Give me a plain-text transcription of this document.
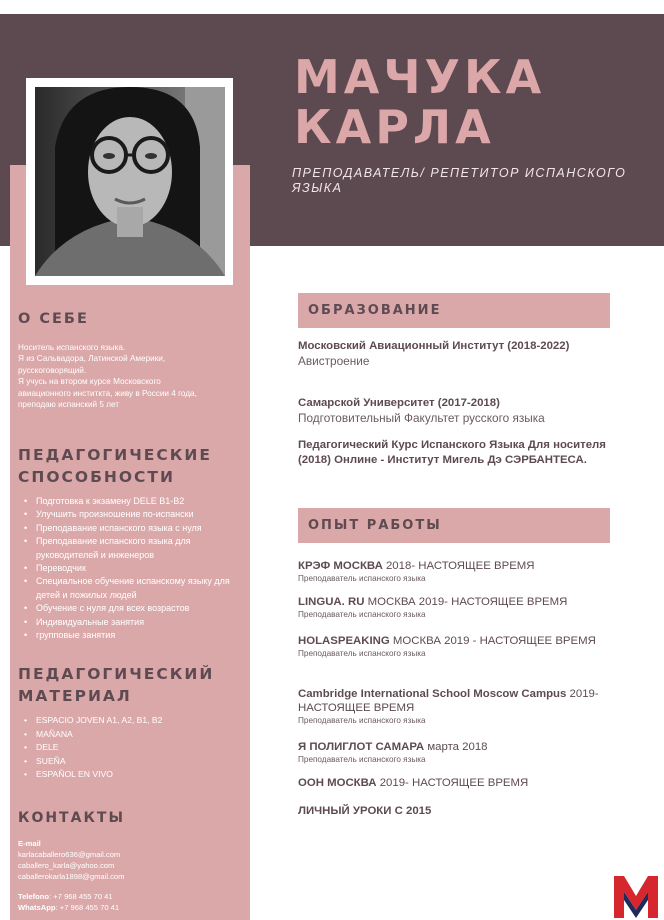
МАЧУКА
КАРЛА
ПРЕПОДАВАТЕЛЬ/ РЕПЕТИТОР ИСПАНСКОГО ЯЗЫКА
О СЕБЕ
Носитель испанского языка.
Я из Сальвадора, Латинской Америки,
русскоговорящий.
Я учусь на втором курсе Московского
авиационного инститкта, живу в России 4 года,
преподаю испанский 5 лет
ПЕДАГОГИЧЕСКИЕ
СПОСОБНОСТИ
• Подготовка к экзамену DELE B1-B2
• Улучшить произношение по-испански
• Преподавание испанского языка с нуля
• Преподавание испанского языка для руководителей и инженеров
• Переводчик
• Специальное обучение испанскому языку для детей и пожилых людей
• Обучение с нуля для всех возрастов
• Индивидуальные занятия
• групповые занятия
ПЕДАГОГИЧЕСКИЙ
МАТЕРИАЛ
• ESPACIO JOVEN A1, A2, B1, B2
• MAÑANA
• DELE
• SUEÑA
• ESPAÑOL EN VIVO
КОНТАКТЫ
E-mail
karlacaballero636@gmail.com
caballero_karla@yahoo.com
caballerokarla1898@gmail.com
Telefono: +7 968 455 70 41
WhatsApp: +7 968 455 70 41
ОБРАЗОВАНИЕ
Московский Авиационный Институт (2018-2022)
Авистроение
Самарской Университет (2017-2018)
Подготовительный Факультет русского языка
Педагогический Курс Испанского Языка Для носителя (2018) Онлине - Институт Мигель Дэ СЭРБАНТЕСА.
ОПЫТ РАБОТЫ
КРЭФ МОСКВА 2018- НАСТОЯЩЕЕ ВРЕМЯ
Преподаватель испанского языка
LINGUA. RU МОСКВА 2019- НАСТОЯЩЕЕ ВРЕМЯ
Преподаватель испанского языка
HOLASPEAKING МОСКВА 2019 - НАСТОЯЩЕЕ ВРЕМЯ
Преподаватель испанского языка
Cambridge International School Moscow Campus 2019- НАСТОЯЩЕЕ ВРЕМЯ
Преподаватель испанского языка
Я ПОЛИГЛОТ САМАРА марта 2018
Преподаватель испанского языка
ООН МОСКВА 2019- НАСТОЯЩЕЕ ВРЕМЯ
ЛИЧНЫЙ УРОКИ С 2015
